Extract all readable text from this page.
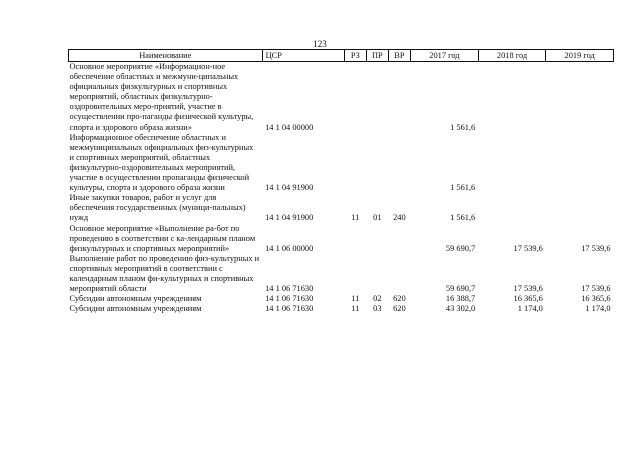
123
Наименование	ЦСР	РЗ	ПР	ВР	2017 год	2018 год	2019 год
Основное мероприятие «Информацион-ное обеспечение областных и межмуни-ципальных официальных физкультурных и спортивных мероприятий, областных физкультурно-оздоровительных меро-приятий, участие в осуществлении про-паганды физической культуры, спорта и здорового образа жизни»	14 1 04 00000				1 561,6		
Информационное обеспечение областных и межмуниципальных официальных физ-культурных и спортивных мероприятий, областных физкультурно-оздоровительных мероприятий, участие в осуществлении пропаганды физической культуры, спорта и здорового образа жизни	14 1 04 91900				1 561,6		
Иные закупки товаров, работ и услуг для обеспечения государственных (муници-пальных) нужд	14 1 04 91900	11	01	240	1 561,6		
Основное мероприятие «Выполнение ра-бот по проведению в соответствии с ка-лендарным планом физкультурных и спортивных мероприятий»	14 1 06 00000				59 690,7	17 539,6	17 539,6
Выполнение работ по проведению физ-культурных и спортивных мероприятий в соответствии с календарным планом фи-культурных и спортивных мероприятий области	14 1 06 71630				59 690,7	17 539,6	17 539,6
Субсидии автономным учреждениям	14 1 06 71630	11	02	620	16 388,7	16 365,6	16 365,6
Субсидии автономным учреждениям	14 1 06 71630	11	03	620	43 302,0	1 174,0	1 174,0
